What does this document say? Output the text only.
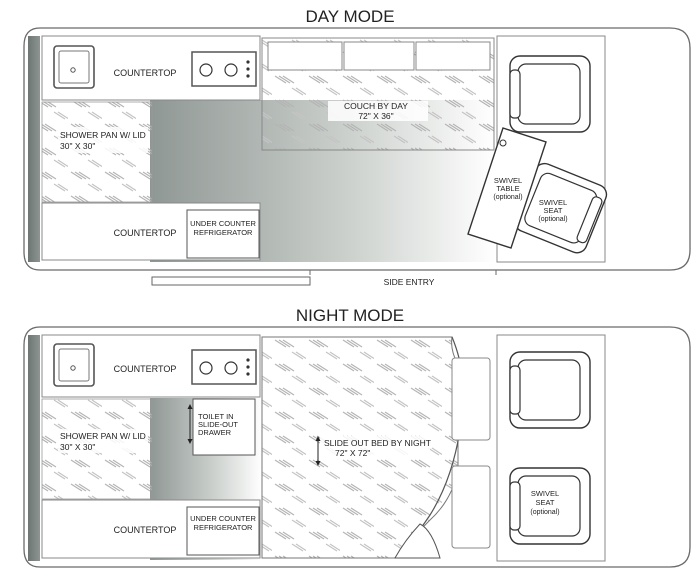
DAY MODE
NIGHT MODE
COUNTERTOP
SHOWER PAN W/ LID
30" X 30"
COUNTERTOP
UNDER COUNTER
REFRIGERATOR
COUCH BY DAY
72" X 36"
SWIVEL
SEAT
(optional)
SWIVEL
TABLE
(optional)
SIDE ENTRY
COUNTERTOP
SHOWER PAN W/ LID
30" X 30"
TOILET IN
SLIDE-OUT
DRAWER
COUNTERTOP
UNDER COUNTER
REFRIGERATOR
SLIDE OUT BED BY NIGHT
72" X 72"
SWIVEL
SEAT
(optional)
